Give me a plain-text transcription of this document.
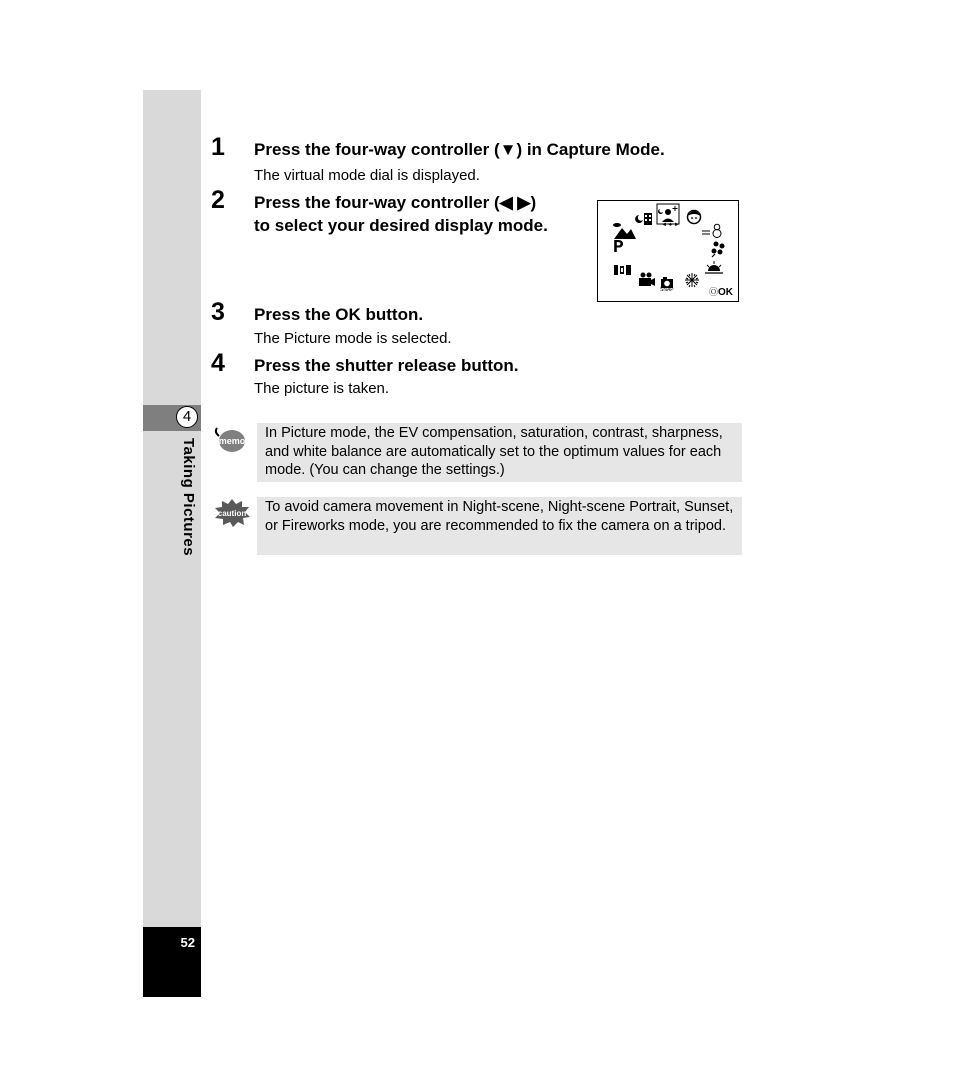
4
Taking Pictures
52
1 Press the four-way controller (▼) in Capture Mode.
The virtual mode dial is displayed.
2 Press the four-way controller (◀ ▶)
to select your desired display mode.	◄ ● ►
P
SNAP	ⓄOK
3 Press the OK button.
The Picture mode is selected.
4 Press the shutter release button.
The picture is taken.
memo	In Picture mode, the EV compensation, saturation, contrast, sharpness, and white balance are automatically set to the optimum values for each mode. (You can change the settings.)
caution	To avoid camera movement in Night-scene, Night-scene Portrait, Sunset, or Fireworks mode, you are recommended to fix the camera on a tripod.
